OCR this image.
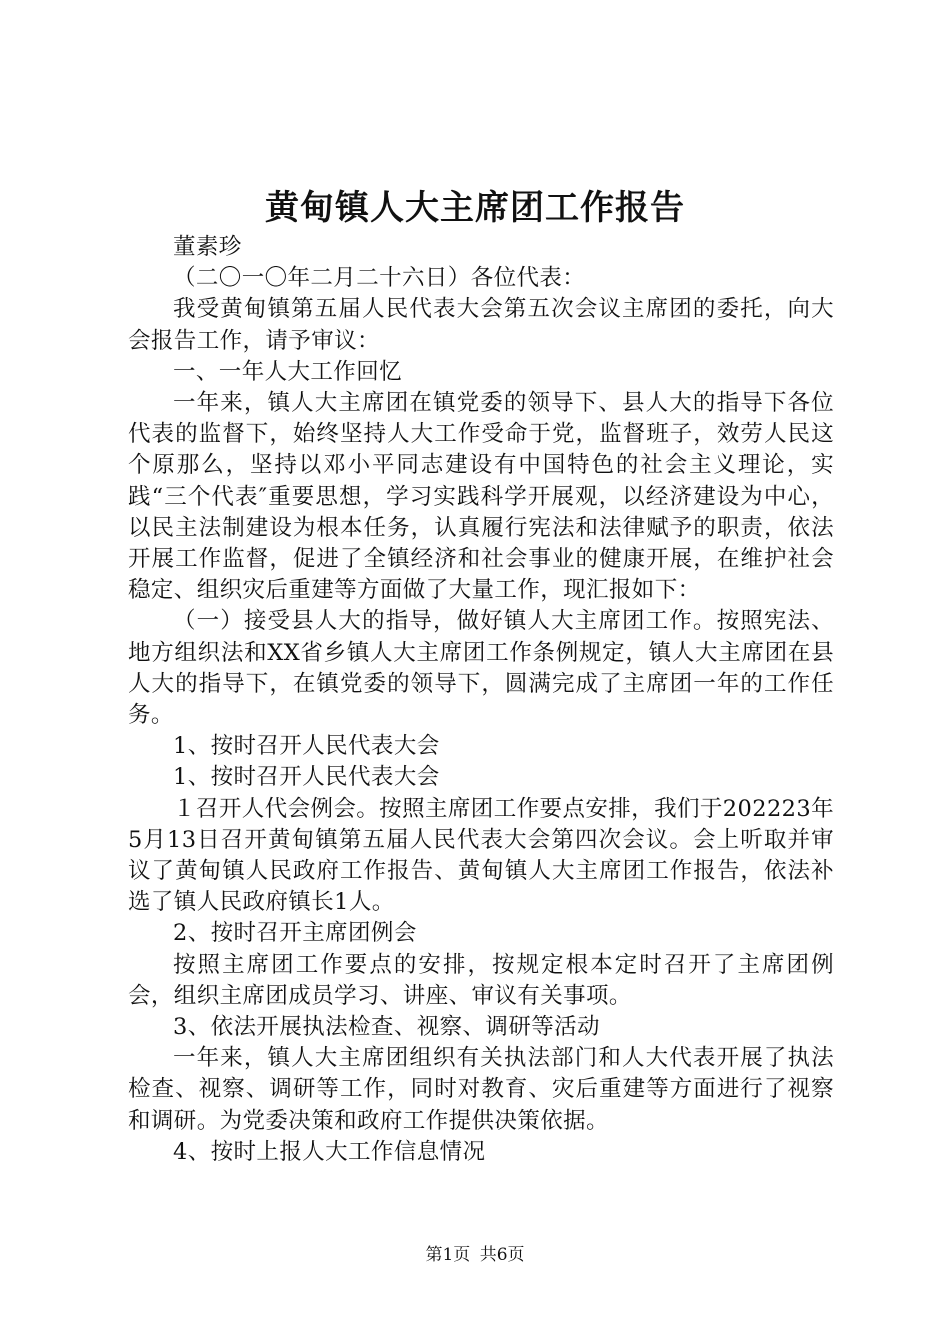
黄甸镇人大主席团工作报告

董素珍

（二〇一〇年二月二十六日）各位代表：

我受黄甸镇第五届人民代表大会第五次会议主席团的委托，向大会报告工作，请予审议：

一、一年人大工作回忆

一年来，镇人大主席团在镇党委的领导下、县人大的指导下各位代表的监督下，始终坚持人大工作受命于党，监督班子，效劳人民这个原那么，坚持以邓小平同志建设有中国特色的社会主义理论，实践“三个代表″重要思想，学习实践科学开展观，以经济建设为中心，以民主法制建设为根本任务，认真履行宪法和法律赋予的职责，依法开展工作监督，促进了全镇经济和社会事业的健康开展，在维护社会稳定、组织灾后重建等方面做了大量工作，现汇报如下：

（一）接受县人大的指导，做好镇人大主席团工作。按照宪法、地方组织法和XX省乡镇人大主席团工作条例规定，镇人大主席团在县人大的指导下，在镇党委的领导下，圆满完成了主席团一年的工作任务。

1、按时召开人民代表大会

1、按时召开人民代表大会

１召开人代会例会。按照主席团工作要点安排，我们于202223年5月13日召开黄甸镇第五届人民代表大会第四次会议。会上听取并审议了黄甸镇人民政府工作报告、黄甸镇人大主席团工作报告，依法补选了镇人民政府镇长1人。

2、按时召开主席团例会

按照主席团工作要点的安排，按规定根本定时召开了主席团例会，组织主席团成员学习、讲座、审议有关事项。

3、依法开展执法检查、视察、调研等活动

一年来，镇人大主席团组织有关执法部门和人大代表开展了执法检查、视察、调研等工作，同时对教育、灾后重建等方面进行了视察和调研。为党委决策和政府工作提供决策依据。

4、按时上报人大工作信息情况

第1页 共6页
